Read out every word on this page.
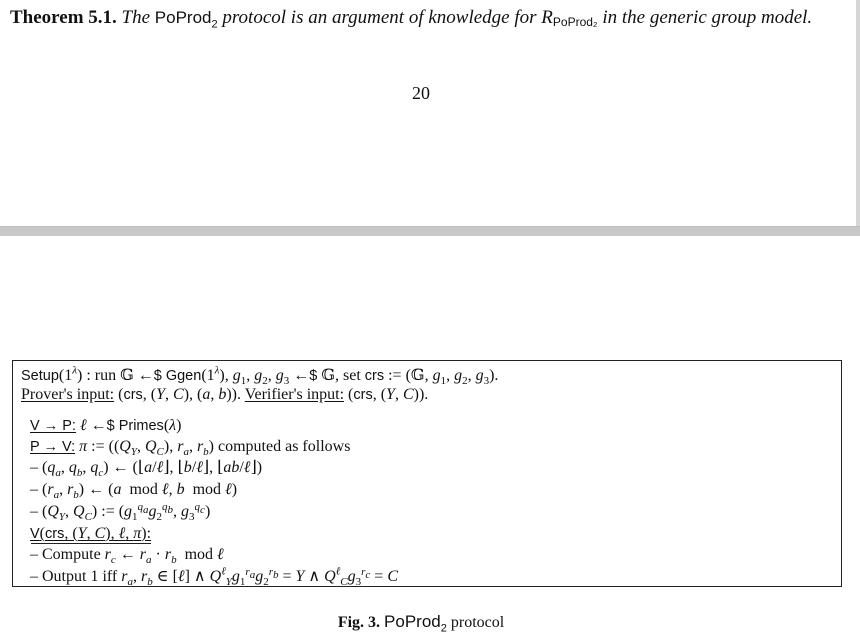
Theorem 5.1. The PoProd$_2$ protocol is an argument of knowledge for RPoProd₂ in the generic group model.
20
$Setup(1^\lambda)$ : run 𝔾 ←$ $Ggen(1^\lambda)$, $g_1$, $g_2$, $g_3$ ←$ 𝔾, set crs := (𝔾, $g_1$, $g_2$, $g_3$).
Prover's input: (crs, (Y, C), (a, b)). Verifier's input: (crs, (Y, C)).
V → P: ℓ ←$ Primes(λ)
P → V: π := (($Q_Y$, $Q_C$), $r_a$, $r_b$) computed as follows
– ($q_a$, $q_b$, $q_c$) ← (⌊a/ℓ⌋, ⌊b/ℓ⌋, ⌊ab/ℓ⌋)
– ($r_a$, $r_b$) ← (a  mod ℓ, b  mod ℓ)
– ($Q_Y$, $Q_C$) := ($g_1^{q_a}g_2^{q_b}$, $g_3^{q_c}$)
V(crs, (Y, C), ℓ, π):
– Compute $r_c$ ← $r_a \cdot r_b$  mod ℓ
– Output 1 iff $r_a$, $r_b$ ∈ [ℓ] ∧ $Q^\ell_Yg_1^{r_a}g_2^{r_b} = Y$ ∧ $Q^\ell_Cg_3^{r_c} = C$
Fig. 3. PoProd$_2$ protocol
